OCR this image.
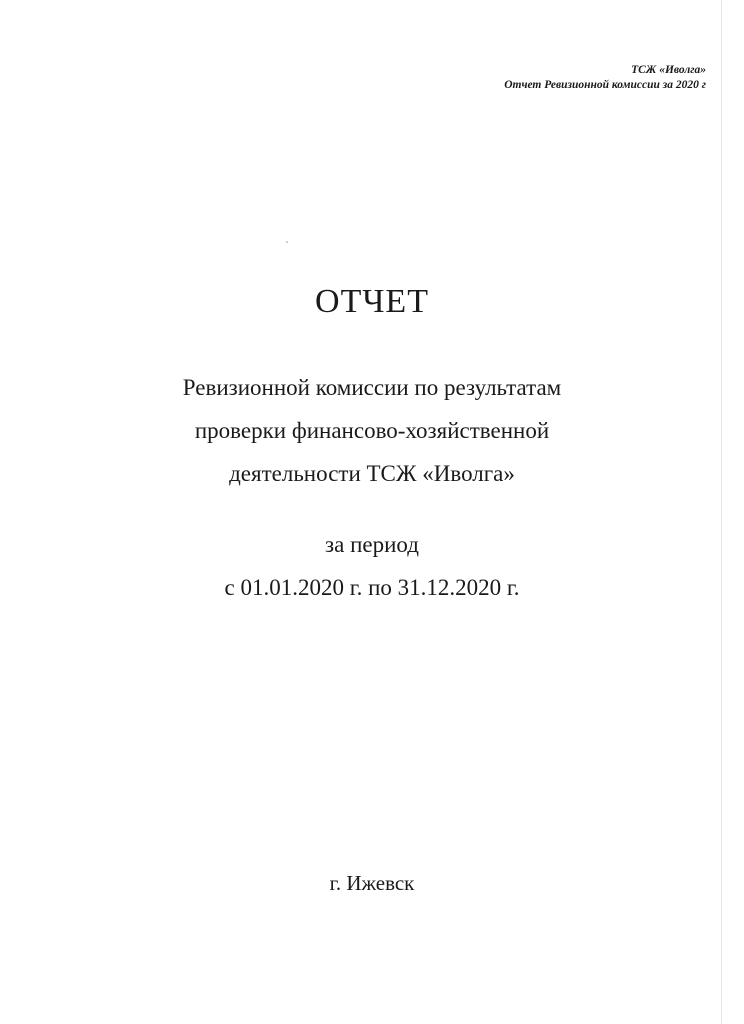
ТСЖ «Иволга»
Отчет Ревизионной комиссии за 2020 г
ОТЧЕТ
Ревизионной комиссии по результатам
проверки финансово-хозяйственной
деятельности ТСЖ «Иволга»
за период
с 01.01.2020 г. по 31.12.2020 г.
г. Ижевск
